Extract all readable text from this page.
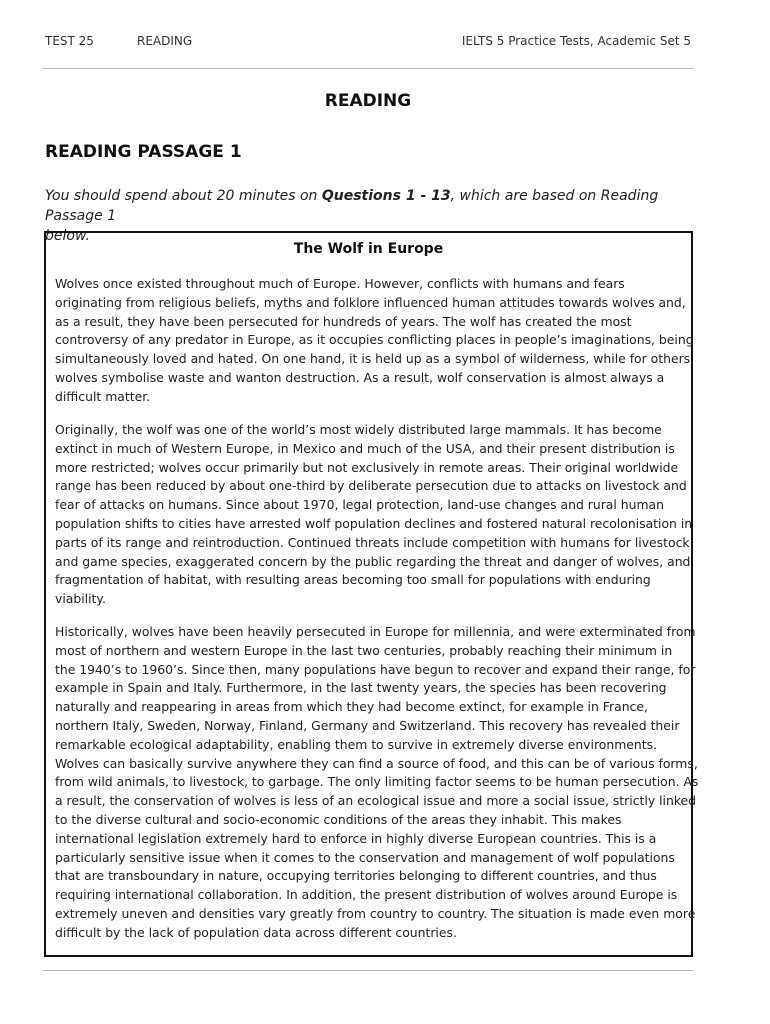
TEST 25	READING	IELTS 5 Practice Tests, Academic Set 5
READING
READING PASSAGE 1
You should spend about 20 minutes on Questions 1 - 13, which are based on Reading Passage 1
below.
The Wolf in Europe

Wolves once existed throughout much of Europe. However, conflicts with humans and fears
originating from religious beliefs, myths and folklore influenced human attitudes towards wolves and,
as a result, they have been persecuted for hundreds of years. The wolf has created the most
controversy of any predator in Europe, as it occupies conflicting places in people’s imaginations, being
simultaneously loved and hated. On one hand, it is held up as a symbol of wilderness, while for others,
wolves symbolise waste and wanton destruction. As a result, wolf conservation is almost always a
difficult matter.

Originally, the wolf was one of the world’s most widely distributed large mammals. It has become
extinct in much of Western Europe, in Mexico and much of the USA, and their present distribution is
more restricted; wolves occur primarily but not exclusively in remote areas. Their original worldwide
range has been reduced by about one-third by deliberate persecution due to attacks on livestock and
fear of attacks on humans. Since about 1970, legal protection, land-use changes and rural human
population shifts to cities have arrested wolf population declines and fostered natural recolonisation in
parts of its range and reintroduction. Continued threats include competition with humans for livestock
and game species, exaggerated concern by the public regarding the threat and danger of wolves, and
fragmentation of habitat, with resulting areas becoming too small for populations with enduring
viability.

Historically, wolves have been heavily persecuted in Europe for millennia, and were exterminated from
most of northern and western Europe in the last two centuries, probably reaching their minimum in
the 1940’s to 1960’s. Since then, many populations have begun to recover and expand their range, for
example in Spain and Italy. Furthermore, in the last twenty years, the species has been recovering
naturally and reappearing in areas from which they had become extinct, for example in France,
northern Italy, Sweden, Norway, Finland, Germany and Switzerland. This recovery has revealed their
remarkable ecological adaptability, enabling them to survive in extremely diverse environments.
Wolves can basically survive anywhere they can find a source of food, and this can be of various forms,
from wild animals, to livestock, to garbage. The only limiting factor seems to be human persecution. As
a result, the conservation of wolves is less of an ecological issue and more a social issue, strictly linked
to the diverse cultural and socio-economic conditions of the areas they inhabit. This makes
international legislation extremely hard to enforce in highly diverse European countries. This is a
particularly sensitive issue when it comes to the conservation and management of wolf populations
that are transboundary in nature, occupying territories belonging to different countries, and thus
requiring international collaboration. In addition, the present distribution of wolves around Europe is
extremely uneven and densities vary greatly from country to country. The situation is made even more
difficult by the lack of population data across different countries.
